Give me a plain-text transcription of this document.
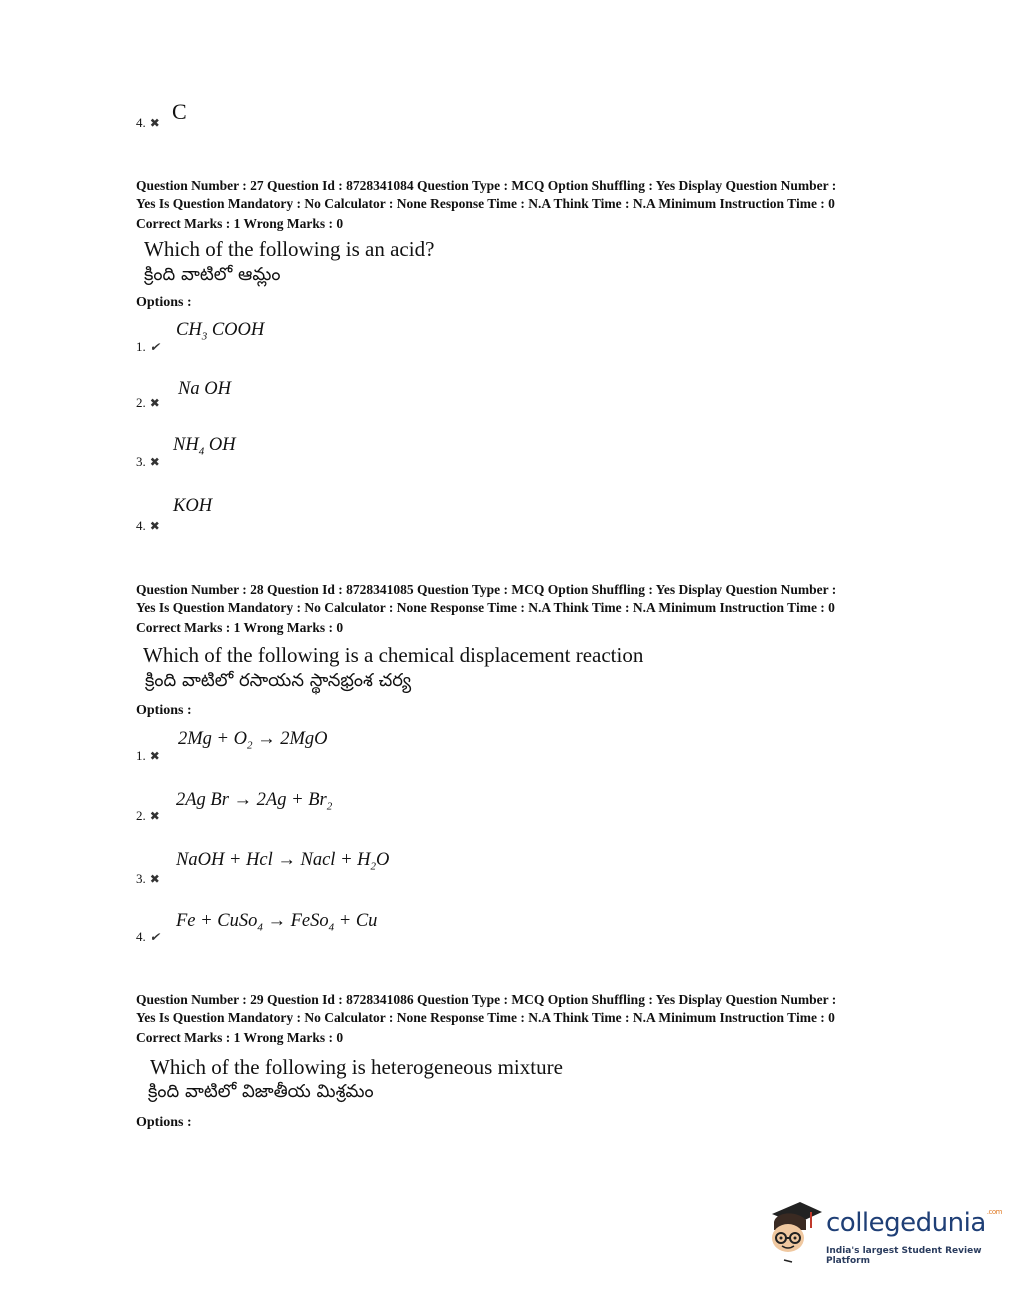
4. ✖ C
Question Number : 27 Question Id : 8728341084 Question Type : MCQ Option Shuffling : Yes Display Question Number :
Yes Is Question Mandatory : No Calculator : None Response Time : N.A Think Time : N.A Minimum Instruction Time : 0
Correct Marks : 1 Wrong Marks : 0
Which of the following is an acid?
క్రింది వాటిలో ఆమ్లం
Options :
1. ✔
$CH_3$ COOH
2. ✖
Na OH
3. ✖
$NH_4$ OH
4. ✖
KOH
Question Number : 28 Question Id : 8728341085 Question Type : MCQ Option Shuffling : Yes Display Question Number :
Yes Is Question Mandatory : No Calculator : None Response Time : N.A Think Time : N.A Minimum Instruction Time : 0
Correct Marks : 1 Wrong Marks : 0
Which of the following is a chemical displacement reaction
క్రింది వాటిలో రసాయన స్థానభ్రంశ చర్య
Options :
1. ✖
$2Mg + O_2 \to 2MgO$
2. ✖
2Ag $Br \to 2Ag + Br_2$
3. ✖
NaOH + Hcl → Nacl + $H_2O$
4. ✔
Fe + CuSo$_4$ → FeSo$_4$ + Cu
Question Number : 29 Question Id : 8728341086 Question Type : MCQ Option Shuffling : Yes Display Question Number :
Yes Is Question Mandatory : No Calculator : None Response Time : N.A Think Time : N.A Minimum Instruction Time : 0
Correct Marks : 1 Wrong Marks : 0
Which of the following is heterogeneous mixture
క్రింది వాటిలో విజాతీయ మిశ్రమం
Options :
collegedunia$^{.com}$
India's largest Student Review Platform
